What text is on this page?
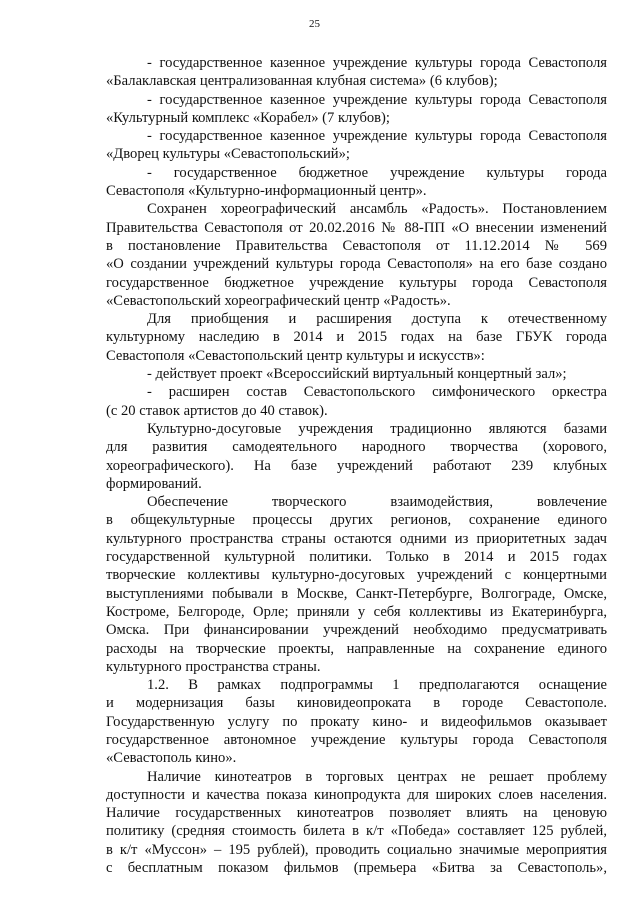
25
- государственное казенное учреждение культуры города Севастополя
«Балаклавская централизованная клубная система» (6 клубов);
- государственное казенное учреждение культуры города Севастополя
«Культурный комплекс «Корабел» (7 клубов);
- государственное казенное учреждение культуры города Севастополя
«Дворец культуры «Севастопольский»;
- государственное бюджетное учреждение культуры города
Севастополя «Культурно-информационный центр».
Сохранен хореографический ансамбль «Радость». Постановлением
Правительства Севастополя от 20.02.2016 № 88-ПП «О внесении изменений
в постановление Правительства Севастополя от 11.12.2014 № 569
«О создании учреждений культуры города Севастополя» на его базе создано
государственное бюджетное учреждение культуры города Севастополя
«Севастопольский хореографический центр «Радость».
Для приобщения и расширения доступа к отечественному
культурному наследию в 2014 и 2015 годах на базе ГБУК города
Севастополя «Севастопольский центр культуры и искусств»:
- действует проект «Всероссийский виртуальный концертный зал»;
- расширен состав Севастопольского симфонического оркестра
(с 20 ставок артистов до 40 ставок).
Культурно-досуговые учреждения традиционно являются базами
для развития самодеятельного народного творчества (хорового,
хореографического). На базе учреждений работают 239 клубных
формирований.
Обеспечение творческого взаимодействия, вовлечение
в общекультурные процессы других регионов, сохранение единого
культурного пространства страны остаются одними из приоритетных задач
государственной культурной политики. Только в 2014 и 2015 годах
творческие коллективы культурно-досуговых учреждений с концертными
выступлениями побывали в Москве, Санкт-Петербурге, Волгограде, Омске,
Костроме, Белгороде, Орле; приняли у себя коллективы из Екатеринбурга,
Омска. При финансировании учреждений необходимо предусматривать
расходы на творческие проекты, направленные на сохранение единого
культурного пространства страны.
1.2. В рамках подпрограммы 1 предполагаются оснащение
и модернизация базы киновидеопроката в городе Севастополе.
Государственную услугу по прокату кино- и видеофильмов оказывает
государственное автономное учреждение культуры города Севастополя
«Севастополь кино».
Наличие кинотеатров в торговых центрах не решает проблему
доступности и качества показа кинопродукта для широких слоев населения.
Наличие государственных кинотеатров позволяет влиять на ценовую
политику (средняя стоимость билета в к/т «Победа» составляет 125 рублей,
в к/т «Муссон» – 195 рублей), проводить социально значимые мероприятия
с бесплатным показом фильмов (премьера «Битва за Севастополь»,
